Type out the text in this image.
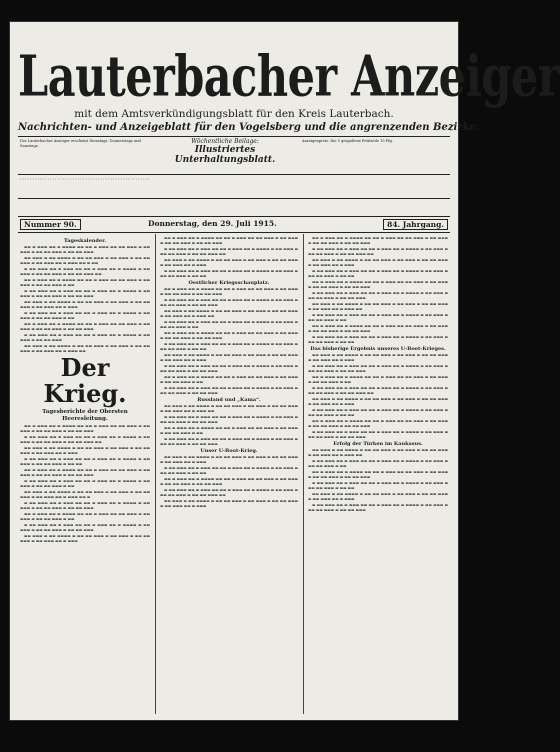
Lauterbacher Anzeiger
mit dem Amtsverkündigungsblatt für den Kreis Lauterbach.
Nachrichten- und Anzeigeblatt für den Vogelsberg und die angrenzenden Bezirke.
Der Lauterbacher Anzeiger erscheint Dienstags, Donnerstags und Samstags.
Wöchentliche Beilage:
Illustriertes Unterhaltungsblatt.
Anzeigenpreis: Die 5 gespaltene Petitzeile 15 Pfg.
‹ ‹ ‹ ‹ ‹ ‹ ‹ ‹ ‹ ‹ ‹ ‹ ‹ ‹ ‹ ‹ ‹ ‹ ‹ ‹ ‹ ‹ ‹ ‹ ‹ ‹ ‹ ‹ ‹ ‹ ‹ ‹ ‹ ‹ ‹ ‹ ‹ ‹ ‹ ‹ ‹ ‹ ‹ ‹ ‹ ‹ ‹ ‹ ‹ ‹ ‹ ‹
Nummer 90.	Donnerstag, den 29. Juli 1915.	84. Jahrgang.
Tageskalender.

▬▬ ▬ ▬▬▬ ▬▬ ▬ ▬▬▬▬ ▬▬ ▬▬ ▬ ▬▬▬ ▬▬ ▬▬ ▬▬▬ ▬ ▬▬ ▬▬▬ ▬ ▬▬ ▬▬ ▬▬▬ ▬ ▬▬ ▬▬ ▬▬▬

▬▬ ▬▬▬ ▬ ▬▬ ▬▬▬▬ ▬ ▬▬ ▬▬ ▬▬▬ ▬ ▬▬ ▬▬▬ ▬ ▬▬ ▬▬ ▬▬▬ ▬ ▬▬ ▬▬▬ ▬▬ ▬ ▬▬▬ ▬▬ ▬ ▬▬

▬ ▬▬ ▬▬▬ ▬▬ ▬ ▬▬▬ ▬▬ ▬▬ ▬ ▬▬▬ ▬▬ ▬ ▬▬▬▬ ▬ ▬▬ ▬▬▬ ▬ ▬▬ ▬▬ ▬▬▬ ▬ ▬▬ ▬▬ ▬▬▬ ▬▬

▬▬ ▬ ▬▬▬ ▬▬ ▬ ▬▬▬▬ ▬▬ ▬▬ ▬ ▬▬▬ ▬▬ ▬▬ ▬▬▬ ▬ ▬▬ ▬▬▬ ▬ ▬▬ ▬▬ ▬▬▬ ▬ ▬▬

▬ ▬▬ ▬▬▬ ▬▬ ▬ ▬▬▬ ▬▬ ▬▬ ▬ ▬▬▬ ▬▬ ▬ ▬▬▬▬ ▬ ▬▬ ▬▬▬ ▬ ▬▬ ▬▬ ▬▬▬ ▬ ▬▬ ▬▬ ▬▬▬

▬▬ ▬▬▬ ▬ ▬▬ ▬▬▬▬ ▬ ▬▬ ▬▬ ▬▬▬ ▬ ▬▬ ▬▬▬ ▬ ▬▬ ▬▬ ▬▬▬ ▬ ▬▬ ▬▬▬ ▬▬ ▬ ▬▬▬

▬ ▬▬ ▬▬▬ ▬▬ ▬ ▬▬▬ ▬▬ ▬▬ ▬ ▬▬▬ ▬▬ ▬ ▬▬▬▬ ▬ ▬▬ ▬▬▬ ▬ ▬▬ ▬▬ ▬▬▬ ▬ ▬▬

▬▬ ▬ ▬▬▬ ▬▬ ▬ ▬▬▬▬ ▬▬ ▬▬ ▬ ▬▬▬ ▬▬ ▬▬ ▬▬▬ ▬ ▬▬ ▬▬▬ ▬ ▬▬ ▬▬ ▬▬▬ ▬ ▬▬ ▬▬ ▬▬▬

▬ ▬▬ ▬▬▬ ▬▬ ▬ ▬▬▬ ▬▬ ▬▬ ▬ ▬▬▬ ▬▬ ▬ ▬▬▬▬ ▬ ▬▬ ▬▬▬ ▬ ▬▬ ▬▬ ▬▬▬

▬▬ ▬▬▬ ▬ ▬▬ ▬▬▬▬ ▬ ▬▬ ▬▬ ▬▬▬ ▬ ▬▬ ▬▬▬ ▬ ▬▬ ▬▬ ▬▬▬ ▬ ▬▬ ▬▬▬ ▬▬ ▬ ▬▬▬ ▬▬

Der Krieg.
Tagesberichte der Obersten Heeresleitung.

▬▬ ▬ ▬▬▬ ▬▬ ▬ ▬▬▬▬ ▬▬ ▬▬ ▬ ▬▬▬ ▬▬ ▬▬ ▬▬▬ ▬ ▬▬ ▬▬▬ ▬ ▬▬ ▬▬ ▬▬▬ ▬ ▬▬ ▬▬ ▬▬▬

▬ ▬▬ ▬▬▬ ▬▬ ▬ ▬▬▬ ▬▬ ▬▬ ▬ ▬▬▬ ▬▬ ▬ ▬▬▬▬ ▬ ▬▬ ▬▬▬ ▬ ▬▬ ▬▬ ▬▬▬ ▬ ▬▬ ▬▬ ▬▬▬ ▬▬

▬▬ ▬▬▬ ▬ ▬▬ ▬▬▬▬ ▬ ▬▬ ▬▬ ▬▬▬ ▬ ▬▬ ▬▬▬ ▬ ▬▬ ▬▬ ▬▬▬ ▬ ▬▬ ▬▬▬ ▬▬ ▬ ▬▬▬

▬ ▬▬ ▬▬▬ ▬▬ ▬ ▬▬▬ ▬▬ ▬▬ ▬ ▬▬▬ ▬▬ ▬ ▬▬▬▬ ▬ ▬▬ ▬▬▬ ▬ ▬▬ ▬▬ ▬▬▬ ▬ ▬▬ ▬▬

▬▬ ▬ ▬▬▬ ▬▬ ▬ ▬▬▬▬ ▬▬ ▬▬ ▬ ▬▬▬ ▬▬ ▬▬ ▬▬▬ ▬ ▬▬ ▬▬▬ ▬ ▬▬ ▬▬ ▬▬▬ ▬ ▬▬ ▬▬ ▬▬▬

▬ ▬▬ ▬▬▬ ▬▬ ▬ ▬▬▬ ▬▬ ▬▬ ▬ ▬▬▬ ▬▬ ▬ ▬▬▬▬ ▬ ▬▬ ▬▬▬ ▬ ▬▬ ▬▬ ▬▬▬ ▬ ▬▬

▬▬ ▬▬▬ ▬ ▬▬ ▬▬▬▬ ▬ ▬▬ ▬▬ ▬▬▬ ▬ ▬▬ ▬▬▬ ▬ ▬▬ ▬▬ ▬▬▬ ▬ ▬▬ ▬▬▬ ▬▬ ▬ ▬▬▬ ▬▬ ▬

▬ ▬▬ ▬▬▬ ▬▬ ▬ ▬▬▬ ▬▬ ▬▬ ▬ ▬▬▬ ▬▬ ▬ ▬▬▬▬ ▬ ▬▬ ▬▬▬ ▬ ▬▬ ▬▬ ▬▬▬ ▬ ▬▬ ▬▬ ▬▬▬

▬▬ ▬ ▬▬▬ ▬▬ ▬ ▬▬▬▬ ▬▬ ▬▬ ▬ ▬▬▬ ▬▬ ▬▬ ▬▬▬ ▬ ▬▬ ▬▬▬ ▬ ▬▬ ▬▬ ▬▬▬ ▬ ▬▬

▬ ▬▬ ▬▬▬ ▬▬ ▬ ▬▬▬ ▬▬ ▬▬ ▬ ▬▬▬ ▬▬ ▬ ▬▬▬▬ ▬ ▬▬ ▬▬▬ ▬ ▬▬ ▬▬ ▬▬▬ ▬ ▬▬ ▬▬ ▬▬▬

▬▬ ▬▬▬ ▬ ▬▬ ▬▬▬▬ ▬ ▬▬ ▬▬ ▬▬▬ ▬ ▬▬ ▬▬▬ ▬ ▬▬ ▬▬ ▬▬▬ ▬ ▬▬ ▬▬▬ ▬▬ ▬ ▬▬▬

▬▬ ▬ ▬▬▬ ▬▬ ▬ ▬▬▬▬ ▬▬ ▬▬ ▬ ▬▬▬ ▬▬ ▬▬ ▬▬▬ ▬ ▬▬ ▬▬▬ ▬ ▬▬ ▬▬ ▬▬▬ ▬ ▬▬ ▬▬ ▬▬▬

▬ ▬▬ ▬▬▬ ▬▬ ▬ ▬▬▬ ▬▬ ▬▬ ▬ ▬▬▬ ▬▬ ▬ ▬▬▬▬ ▬ ▬▬ ▬▬▬ ▬ ▬▬ ▬▬ ▬▬▬ ▬ ▬▬ ▬▬ ▬▬▬ ▬▬

▬▬ ▬▬▬ ▬ ▬▬ ▬▬▬▬ ▬ ▬▬ ▬▬ ▬▬▬ ▬ ▬▬ ▬▬▬ ▬ ▬▬ ▬▬ ▬▬▬ ▬ ▬▬ ▬▬▬ ▬▬ ▬ ▬▬▬

▬ ▬▬ ▬▬▬ ▬▬ ▬ ▬▬▬ ▬▬ ▬▬ ▬ ▬▬▬ ▬▬ ▬ ▬▬▬▬ ▬ ▬▬ ▬▬▬ ▬ ▬▬ ▬▬ ▬▬▬ ▬ ▬▬ ▬▬

Oestlicher Kriegsschauplatz.

▬▬ ▬ ▬▬▬ ▬▬ ▬ ▬▬▬▬ ▬▬ ▬▬ ▬ ▬▬▬ ▬▬ ▬▬ ▬▬▬ ▬ ▬▬ ▬▬▬ ▬ ▬▬ ▬▬ ▬▬▬ ▬ ▬▬ ▬▬ ▬▬▬

▬ ▬▬ ▬▬▬ ▬▬ ▬ ▬▬▬ ▬▬ ▬▬ ▬ ▬▬▬ ▬▬ ▬ ▬▬▬▬ ▬ ▬▬ ▬▬▬ ▬ ▬▬ ▬▬ ▬▬▬ ▬ ▬▬ ▬▬ ▬▬▬

▬▬ ▬▬▬ ▬ ▬▬ ▬▬▬▬ ▬ ▬▬ ▬▬ ▬▬▬ ▬ ▬▬ ▬▬▬ ▬ ▬▬ ▬▬ ▬▬▬ ▬ ▬▬ ▬▬▬ ▬▬ ▬ ▬▬▬ ▬▬

▬ ▬▬ ▬▬▬ ▬▬ ▬ ▬▬▬ ▬▬ ▬▬ ▬ ▬▬▬ ▬▬ ▬ ▬▬▬▬ ▬ ▬▬ ▬▬▬ ▬ ▬▬ ▬▬ ▬▬▬ ▬ ▬▬

▬▬ ▬ ▬▬▬ ▬▬ ▬ ▬▬▬▬ ▬▬ ▬▬ ▬ ▬▬▬ ▬▬ ▬▬ ▬▬▬ ▬ ▬▬ ▬▬▬ ▬ ▬▬ ▬▬ ▬▬▬ ▬ ▬▬ ▬▬ ▬▬▬

▬ ▬▬ ▬▬▬ ▬▬ ▬ ▬▬▬ ▬▬ ▬▬ ▬ ▬▬▬ ▬▬ ▬ ▬▬▬▬ ▬ ▬▬ ▬▬▬ ▬ ▬▬ ▬▬ ▬▬▬ ▬ ▬▬ ▬▬

▬▬ ▬▬▬ ▬ ▬▬ ▬▬▬▬ ▬ ▬▬ ▬▬ ▬▬▬ ▬ ▬▬ ▬▬▬ ▬ ▬▬ ▬▬ ▬▬▬ ▬ ▬▬ ▬▬▬ ▬▬ ▬ ▬▬▬

▬ ▬▬ ▬▬▬ ▬▬ ▬ ▬▬▬ ▬▬ ▬▬ ▬ ▬▬▬ ▬▬ ▬ ▬▬▬▬ ▬ ▬▬ ▬▬▬ ▬ ▬▬ ▬▬ ▬▬▬ ▬ ▬▬ ▬▬ ▬▬▬

▬▬ ▬ ▬▬▬ ▬▬ ▬ ▬▬▬▬ ▬▬ ▬▬ ▬ ▬▬▬ ▬▬ ▬▬ ▬▬▬ ▬ ▬▬ ▬▬▬ ▬ ▬▬ ▬▬ ▬▬▬ ▬ ▬▬

▬ ▬▬ ▬▬▬ ▬▬ ▬ ▬▬▬ ▬▬ ▬▬ ▬ ▬▬▬ ▬▬ ▬ ▬▬▬▬ ▬ ▬▬ ▬▬▬ ▬ ▬▬ ▬▬ ▬▬▬ ▬ ▬▬ ▬▬ ▬▬▬

Russland und „Kama“.

▬▬ ▬▬▬ ▬ ▬▬ ▬▬▬▬ ▬ ▬▬ ▬▬ ▬▬▬ ▬ ▬▬ ▬▬▬ ▬ ▬▬ ▬▬ ▬▬▬ ▬ ▬▬ ▬▬▬ ▬▬ ▬ ▬▬▬ ▬▬

▬ ▬▬ ▬▬▬ ▬▬ ▬ ▬▬▬ ▬▬ ▬▬ ▬ ▬▬▬ ▬▬ ▬ ▬▬▬▬ ▬ ▬▬ ▬▬▬ ▬ ▬▬ ▬▬ ▬▬▬ ▬ ▬▬ ▬▬ ▬▬▬

▬▬ ▬ ▬▬▬ ▬▬ ▬ ▬▬▬▬ ▬▬ ▬▬ ▬ ▬▬▬ ▬▬ ▬▬ ▬▬▬ ▬ ▬▬ ▬▬▬ ▬ ▬▬ ▬▬ ▬▬▬ ▬ ▬▬

▬ ▬▬ ▬▬▬ ▬▬ ▬ ▬▬▬ ▬▬ ▬▬ ▬ ▬▬▬ ▬▬ ▬ ▬▬▬▬ ▬ ▬▬ ▬▬▬ ▬ ▬▬ ▬▬ ▬▬▬ ▬ ▬▬ ▬▬ ▬▬▬

Unser U-Boot-Krieg.

▬▬ ▬▬▬ ▬ ▬▬ ▬▬▬▬ ▬ ▬▬ ▬▬ ▬▬▬ ▬ ▬▬ ▬▬▬ ▬ ▬▬ ▬▬ ▬▬▬ ▬ ▬▬ ▬▬▬ ▬▬ ▬ ▬▬▬

▬ ▬▬ ▬▬▬ ▬▬ ▬ ▬▬▬ ▬▬ ▬▬ ▬ ▬▬▬ ▬▬ ▬ ▬▬▬▬ ▬ ▬▬ ▬▬▬ ▬ ▬▬ ▬▬ ▬▬▬ ▬ ▬▬ ▬▬

▬▬ ▬ ▬▬▬ ▬▬ ▬ ▬▬▬▬ ▬▬ ▬▬ ▬ ▬▬▬ ▬▬ ▬▬ ▬▬▬ ▬ ▬▬ ▬▬▬ ▬ ▬▬ ▬▬ ▬▬▬ ▬ ▬▬ ▬▬ ▬▬▬

▬ ▬▬ ▬▬▬ ▬▬ ▬ ▬▬▬ ▬▬ ▬▬ ▬ ▬▬▬ ▬▬ ▬ ▬▬▬▬ ▬ ▬▬ ▬▬▬ ▬ ▬▬ ▬▬ ▬▬▬ ▬ ▬▬ ▬▬ ▬▬▬ ▬▬

▬▬ ▬▬▬ ▬ ▬▬ ▬▬▬▬ ▬ ▬▬ ▬▬ ▬▬▬ ▬ ▬▬ ▬▬▬ ▬ ▬▬ ▬▬ ▬▬▬ ▬ ▬▬ ▬▬▬ ▬▬ ▬ ▬▬▬

▬▬ ▬ ▬▬▬ ▬▬ ▬ ▬▬▬▬ ▬▬ ▬▬ ▬ ▬▬▬ ▬▬ ▬▬ ▬▬▬ ▬ ▬▬ ▬▬▬ ▬ ▬▬ ▬▬ ▬▬▬ ▬ ▬▬ ▬▬ ▬▬▬

▬ ▬▬ ▬▬▬ ▬▬ ▬ ▬▬▬ ▬▬ ▬▬ ▬ ▬▬▬ ▬▬ ▬ ▬▬▬▬ ▬ ▬▬ ▬▬▬ ▬ ▬▬ ▬▬ ▬▬▬ ▬ ▬▬ ▬▬ ▬▬▬ ▬▬

▬▬ ▬▬▬ ▬ ▬▬ ▬▬▬▬ ▬ ▬▬ ▬▬ ▬▬▬ ▬ ▬▬ ▬▬▬ ▬ ▬▬ ▬▬ ▬▬▬ ▬ ▬▬ ▬▬▬ ▬▬ ▬ ▬▬▬

▬ ▬▬ ▬▬▬ ▬▬ ▬ ▬▬▬ ▬▬ ▬▬ ▬ ▬▬▬ ▬▬ ▬ ▬▬▬▬ ▬ ▬▬ ▬▬▬ ▬ ▬▬ ▬▬ ▬▬▬ ▬ ▬▬ ▬▬

▬▬ ▬ ▬▬▬ ▬▬ ▬ ▬▬▬▬ ▬▬ ▬▬ ▬ ▬▬▬ ▬▬ ▬▬ ▬▬▬ ▬ ▬▬ ▬▬▬ ▬ ▬▬ ▬▬ ▬▬▬ ▬ ▬▬ ▬▬ ▬▬▬

▬ ▬▬ ▬▬▬ ▬▬ ▬ ▬▬▬ ▬▬ ▬▬ ▬ ▬▬▬ ▬▬ ▬ ▬▬▬▬ ▬ ▬▬ ▬▬▬ ▬ ▬▬ ▬▬ ▬▬▬ ▬ ▬▬ ▬▬ ▬▬▬

▬▬ ▬▬▬ ▬ ▬▬ ▬▬▬▬ ▬ ▬▬ ▬▬ ▬▬▬ ▬ ▬▬ ▬▬▬ ▬ ▬▬ ▬▬ ▬▬▬ ▬ ▬▬ ▬▬▬ ▬▬ ▬ ▬▬▬ ▬▬

▬ ▬▬ ▬▬▬ ▬▬ ▬ ▬▬▬ ▬▬ ▬▬ ▬ ▬▬▬ ▬▬ ▬ ▬▬▬▬ ▬ ▬▬ ▬▬▬ ▬ ▬▬ ▬▬ ▬▬▬ ▬ ▬▬

▬▬ ▬ ▬▬▬ ▬▬ ▬ ▬▬▬▬ ▬▬ ▬▬ ▬ ▬▬▬ ▬▬ ▬▬ ▬▬▬ ▬ ▬▬ ▬▬▬ ▬ ▬▬ ▬▬ ▬▬▬ ▬ ▬▬ ▬▬ ▬▬▬

▬ ▬▬ ▬▬▬ ▬▬ ▬ ▬▬▬ ▬▬ ▬▬ ▬ ▬▬▬ ▬▬ ▬ ▬▬▬▬ ▬ ▬▬ ▬▬▬ ▬ ▬▬ ▬▬ ▬▬▬ ▬ ▬▬ ▬▬

Das bisherige Ergebnis unseres U-Boot-Krieges.

▬▬ ▬▬▬ ▬ ▬▬ ▬▬▬▬ ▬ ▬▬ ▬▬ ▬▬▬ ▬ ▬▬ ▬▬▬ ▬ ▬▬ ▬▬ ▬▬▬ ▬ ▬▬ ▬▬▬ ▬▬ ▬ ▬▬▬

▬ ▬▬ ▬▬▬ ▬▬ ▬ ▬▬▬ ▬▬ ▬▬ ▬ ▬▬▬ ▬▬ ▬ ▬▬▬▬ ▬ ▬▬ ▬▬▬ ▬ ▬▬ ▬▬ ▬▬▬ ▬ ▬▬ ▬▬ ▬▬▬

▬▬ ▬ ▬▬▬ ▬▬ ▬ ▬▬▬▬ ▬▬ ▬▬ ▬ ▬▬▬ ▬▬ ▬▬ ▬▬▬ ▬ ▬▬ ▬▬▬ ▬ ▬▬ ▬▬ ▬▬▬ ▬ ▬▬

▬ ▬▬ ▬▬▬ ▬▬ ▬ ▬▬▬ ▬▬ ▬▬ ▬ ▬▬▬ ▬▬ ▬ ▬▬▬▬ ▬ ▬▬ ▬▬▬ ▬ ▬▬ ▬▬ ▬▬▬ ▬ ▬▬ ▬▬ ▬▬▬ ▬▬

▬▬ ▬▬▬ ▬ ▬▬ ▬▬▬▬ ▬ ▬▬ ▬▬ ▬▬▬ ▬ ▬▬ ▬▬▬ ▬ ▬▬ ▬▬ ▬▬▬ ▬ ▬▬ ▬▬▬ ▬▬ ▬ ▬▬▬

▬ ▬▬ ▬▬▬ ▬▬ ▬ ▬▬▬ ▬▬ ▬▬ ▬ ▬▬▬ ▬▬ ▬ ▬▬▬▬ ▬ ▬▬ ▬▬▬ ▬ ▬▬ ▬▬ ▬▬▬ ▬ ▬▬ ▬▬

▬▬ ▬ ▬▬▬ ▬▬ ▬ ▬▬▬▬ ▬▬ ▬▬ ▬ ▬▬▬ ▬▬ ▬▬ ▬▬▬ ▬ ▬▬ ▬▬▬ ▬ ▬▬ ▬▬ ▬▬▬ ▬ ▬▬ ▬▬ ▬▬▬

▬ ▬▬ ▬▬▬ ▬▬ ▬ ▬▬▬ ▬▬ ▬▬ ▬ ▬▬▬ ▬▬ ▬ ▬▬▬▬ ▬ ▬▬ ▬▬▬ ▬ ▬▬ ▬▬ ▬▬▬ ▬ ▬▬ ▬▬ ▬▬▬

Erfolg der Türken im Kaukasus.

▬▬ ▬▬▬ ▬ ▬▬ ▬▬▬▬ ▬ ▬▬ ▬▬ ▬▬▬ ▬ ▬▬ ▬▬▬ ▬ ▬▬ ▬▬ ▬▬▬ ▬ ▬▬ ▬▬▬ ▬▬ ▬ ▬▬▬ ▬▬

▬ ▬▬ ▬▬▬ ▬▬ ▬ ▬▬▬ ▬▬ ▬▬ ▬ ▬▬▬ ▬▬ ▬ ▬▬▬▬ ▬ ▬▬ ▬▬▬ ▬ ▬▬ ▬▬ ▬▬▬ ▬ ▬▬

▬▬ ▬ ▬▬▬ ▬▬ ▬ ▬▬▬▬ ▬▬ ▬▬ ▬ ▬▬▬ ▬▬ ▬▬ ▬▬▬ ▬ ▬▬ ▬▬▬ ▬ ▬▬ ▬▬ ▬▬▬ ▬ ▬▬ ▬▬ ▬▬▬

▬ ▬▬ ▬▬▬ ▬▬ ▬ ▬▬▬ ▬▬ ▬▬ ▬ ▬▬▬ ▬▬ ▬ ▬▬▬▬ ▬ ▬▬ ▬▬▬ ▬ ▬▬ ▬▬ ▬▬▬ ▬ ▬▬ ▬▬

▬▬ ▬▬▬ ▬ ▬▬ ▬▬▬▬ ▬ ▬▬ ▬▬ ▬▬▬ ▬ ▬▬ ▬▬▬ ▬ ▬▬ ▬▬ ▬▬▬ ▬ ▬▬ ▬▬▬ ▬▬ ▬ ▬▬▬

▬ ▬▬ ▬▬▬ ▬▬ ▬ ▬▬▬ ▬▬ ▬▬ ▬ ▬▬▬ ▬▬ ▬ ▬▬▬▬ ▬ ▬▬ ▬▬▬ ▬ ▬▬ ▬▬ ▬▬▬ ▬ ▬▬ ▬▬ ▬▬▬
